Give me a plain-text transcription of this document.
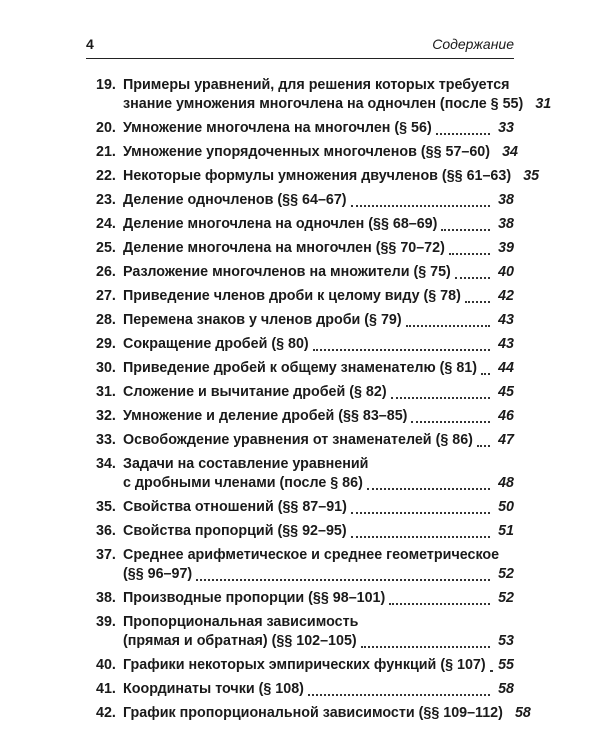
4	Содержание
19. Примеры уравнений, для решения которых требуется
знание умножения многочлена на одночлен (после § 55) 31
20. Умножение многочлена на многочлен (§ 56)	33
21. Умножение упорядоченных многочленов (§§ 57–60) 34
22. Некоторые формулы умножения двучленов (§§ 61–63) 35
23. Деление одночленов (§§ 64–67)	38
24. Деление многочлена на одночлен (§§ 68–69)	38
25. Деление многочлена на многочлен (§§ 70–72)	39
26. Разложение многочленов на множители (§ 75)	40
27. Приведение членов дроби к целому виду (§ 78)	42
28. Перемена знаков у членов дроби (§ 79)	43
29. Сокращение дробей (§ 80)	43
30. Приведение дробей к общему знаменателю (§ 81) 44
31. Сложение и вычитание дробей (§ 82)	45
32. Умножение и деление дробей (§§ 83–85)	46
33. Освобождение уравнения от знаменателей (§ 86) 47
34. Задачи на составление уравнений
с дробными членами (после § 86)	48
35. Свойства отношений (§§ 87–91)	50
36. Свойства пропорций (§§ 92–95)	51
37. Среднее арифметическое и среднее геометрическое
(§§ 96–97)	52
38. Производные пропорции (§§ 98–101)	52
39. Пропорциональная зависимость
(прямая и обратная) (§§ 102–105)	53
40. Графики некоторых эмпирических функций (§ 107) 55
41. Координаты точки (§ 108)	58
42. График пропорциональной зависимости (§§ 109–112) 58
